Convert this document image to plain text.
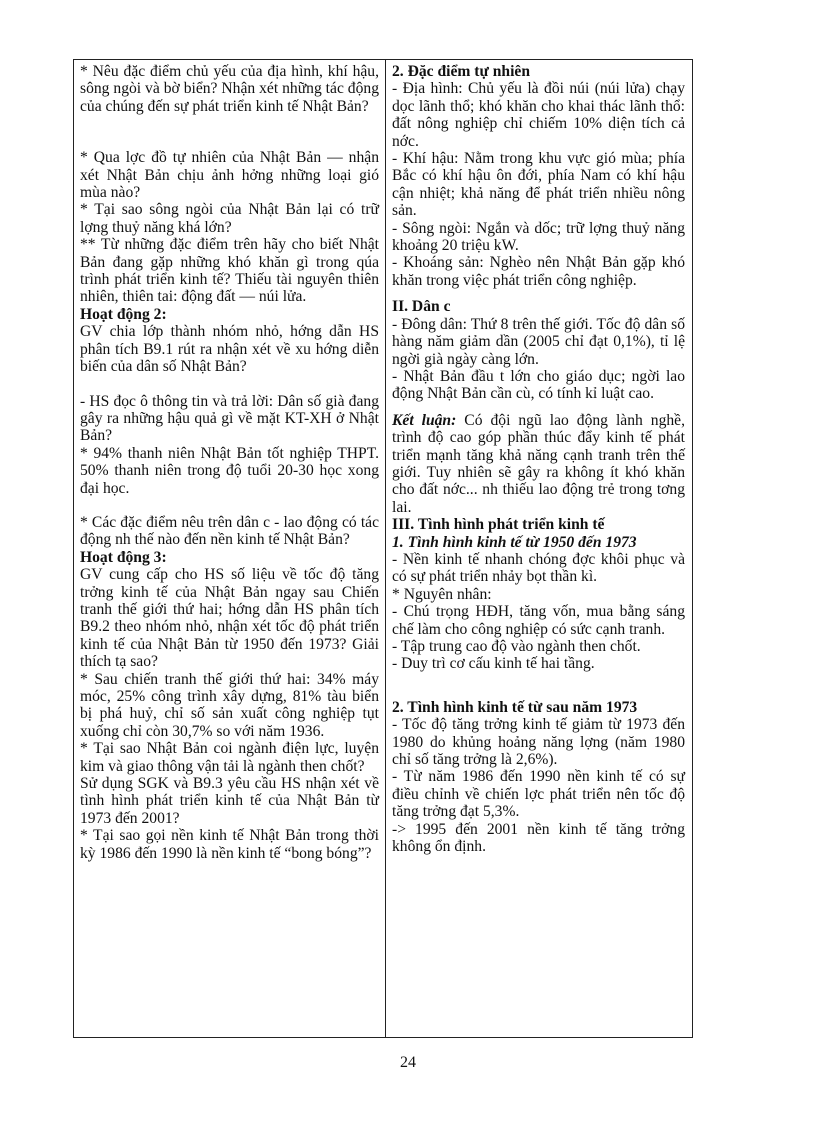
* Nêu đặc điểm chủ yếu của địa hình, khí hậu, sông ngòi và bờ biển? Nhận xét những tác động của chúng đến sự phát triển kinh tế Nhật Bản?

* Qua lợc đồ tự nhiên của Nhật Bản — nhận xét Nhật Bản chịu ảnh hởng những loại gió mùa nào?

* Tại sao sông ngòi của Nhật Bản lại có trữ lợng thuỷ năng khá lớn?

** Từ những đặc điểm trên hãy cho biết Nhật Bản đang gặp những khó khăn gì trong qúa trình phát triển kinh tế? Thiếu tài nguyên thiên nhiên, thiên tai: động đất — núi lửa.

Hoạt động 2:

GV chia lớp thành nhóm nhỏ, hớng dẫn HS phân tích B9.1 rút ra nhận xét về xu hớng diễn biến của dân số Nhật Bản?

- HS đọc ô thông tin và trả lời: Dân số già đang gây ra những hậu quả gì về mặt KT-XH ở Nhật Bản?

* 94% thanh niên Nhật Bản tốt nghiệp THPT. 50% thanh niên trong độ tuổi 20-30 học xong đại học.

* Các đặc điểm nêu trên dân c - lao động có tác động nh thế nào đến nền kinh tế Nhật Bản?

Hoạt động 3:

GV cung cấp cho HS số liệu về tốc độ tăng trởng kinh tế của Nhật Bản ngay sau Chiến tranh thế giới thứ hai; hớng dẫn HS phân tích B9.2 theo nhóm nhỏ, nhận xét tốc độ phát triển kinh tế của Nhật Bản từ 1950 đến 1973? Giải thích tạ sao?

* Sau chiến tranh thế giới thứ hai: 34% máy móc, 25% công trình xây dựng, 81% tàu biển bị phá huỷ, chỉ số sản xuất công nghiệp tụt xuống chỉ còn 30,7% so với năm 1936.

* Tại sao Nhật Bản coi ngành điện lực, luyện kim và giao thông vận tải là ngành then chốt?

Sử dụng SGK và B9.3 yêu cầu HS nhận xét về tình hình phát triển kinh tế của Nhật Bản từ 1973 đến 2001?

* Tại sao gọi nền kinh tế Nhật Bản trong thời kỳ 1986 đến 1990 là nền kinh tế “bong bóng”?

2. Đặc điểm tự nhiên

- Địa hình: Chủ yếu là đồi núi (núi lửa) chạy dọc lãnh thổ; khó khăn cho khai thác lãnh thổ: đất nông nghiệp chỉ chiếm 10% diện tích cả nớc.

- Khí hậu: Nằm trong khu vực gió mùa; phía Bắc có khí hậu ôn đới, phía Nam có khí hậu cận nhiệt; khả năng để phát triển nhiều nông sản.

- Sông ngòi: Ngắn và dốc; trữ lợng thuỷ năng khoảng 20 triệu kW.

- Khoáng sản: Nghèo nên Nhật Bản gặp khó khăn trong việc phát triển công nghiệp.

II. Dân c

- Đông dân: Thứ 8 trên thế giới. Tốc độ dân số hàng năm giảm dần (2005 chỉ đạt 0,1%), tỉ lệ ngời già ngày càng lớn.

- Nhật Bản đầu t lớn cho giáo dục; ngời lao động Nhật Bản cần cù, có tính kỉ luật cao.

Kết luận: Có đội ngũ lao động lành nghề, trình độ cao góp phần thúc đẩy kinh tế phát triển mạnh tăng khả năng cạnh tranh trên thế giới. Tuy nhiên sẽ gây ra không ít khó khăn cho đất nớc... nh thiếu lao động trẻ trong tơng lai.

III. Tình hình phát triển kinh tế

1. Tình hình kinh tế từ 1950 đến 1973

- Nền kinh tế nhanh chóng đợc khôi phục và có sự phát triển nhảy bọt thần kì.

* Nguyên nhân:

- Chú trọng HĐH, tăng vốn, mua bằng sáng chế làm cho công nghiệp có sức cạnh tranh.

- Tập trung cao độ vào ngành then chốt.

- Duy trì cơ cấu kinh tế hai tầng.

2. Tình hình kinh tế từ sau năm 1973

- Tốc độ tăng trởng kinh tế giảm từ 1973 đến 1980 do khủng hoảng năng lợng (năm 1980 chỉ số tăng trởng là 2,6%).

- Từ năm 1986 đến 1990 nền kinh tế có sự điều chỉnh về chiến lợc phát triển nên tốc độ tăng trởng đạt 5,3%.

-> 1995 đến 2001 nền kinh tế tăng trởng không ổn định.

24
